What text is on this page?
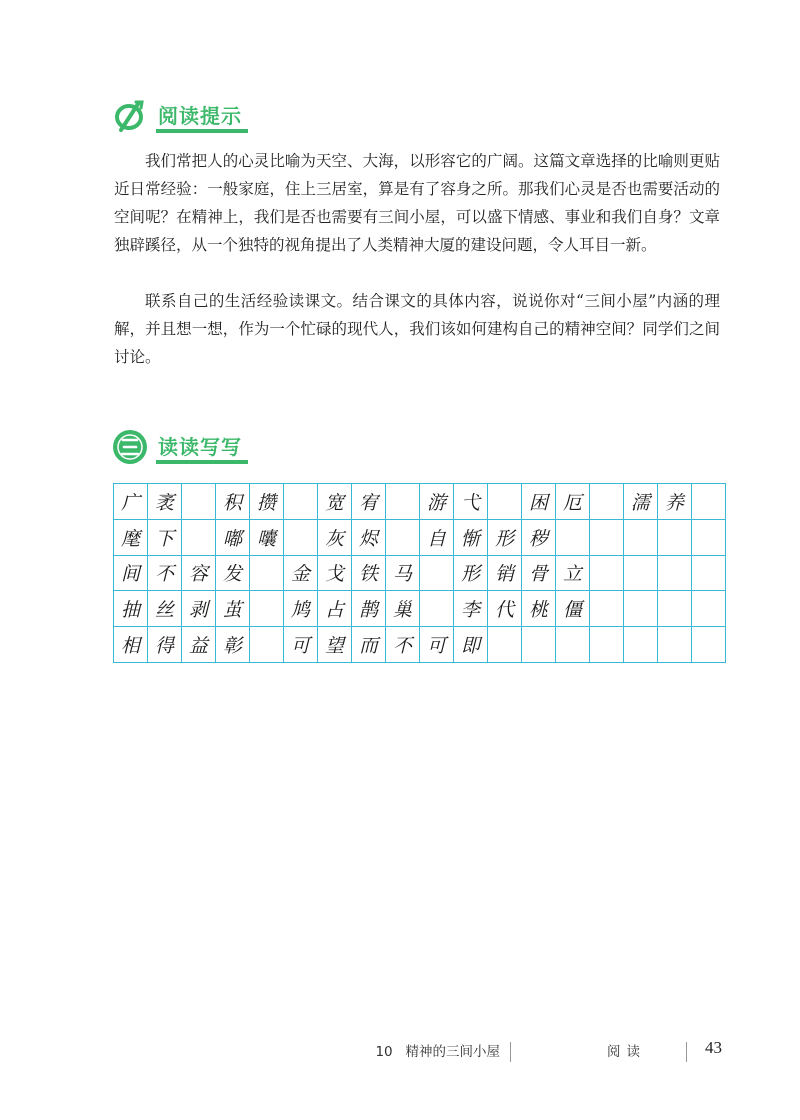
阅读提示

我们常把人的心灵比喻为天空、大海，以形容它的广阔。这篇文章选择的比喻则更贴近日常经验：一般家庭，住上三居室，算是有了容身之所。那我们心灵是否也需要活动的空间呢？在精神上，我们是否也需要有三间小屋，可以盛下情感、事业和我们自身？文章独辟蹊径，从一个独特的视角提出了人类精神大厦的建设问题，令人耳目一新。

联系自己的生活经验读课文。结合课文的具体内容，说说你对“三间小屋”内涵的理解，并且想一想，作为一个忙碌的现代人，我们该如何建构自己的精神空间？同学们之间讨论。

读读写写
广 袤	积 攒	宽 宥	游 弋	困 厄	濡 养
麾 下	嘟 囔	灰 烬	自 惭 形 秽
间 不 容 发	金 戈 铁 马	形 销 骨 立
抽 丝 剥 茧	鸠 占 鹊 巢	李 代 桃 僵
相 得 益 彰	可 望 而 不 可 即
10 精神的三间小屋	阅读	43
